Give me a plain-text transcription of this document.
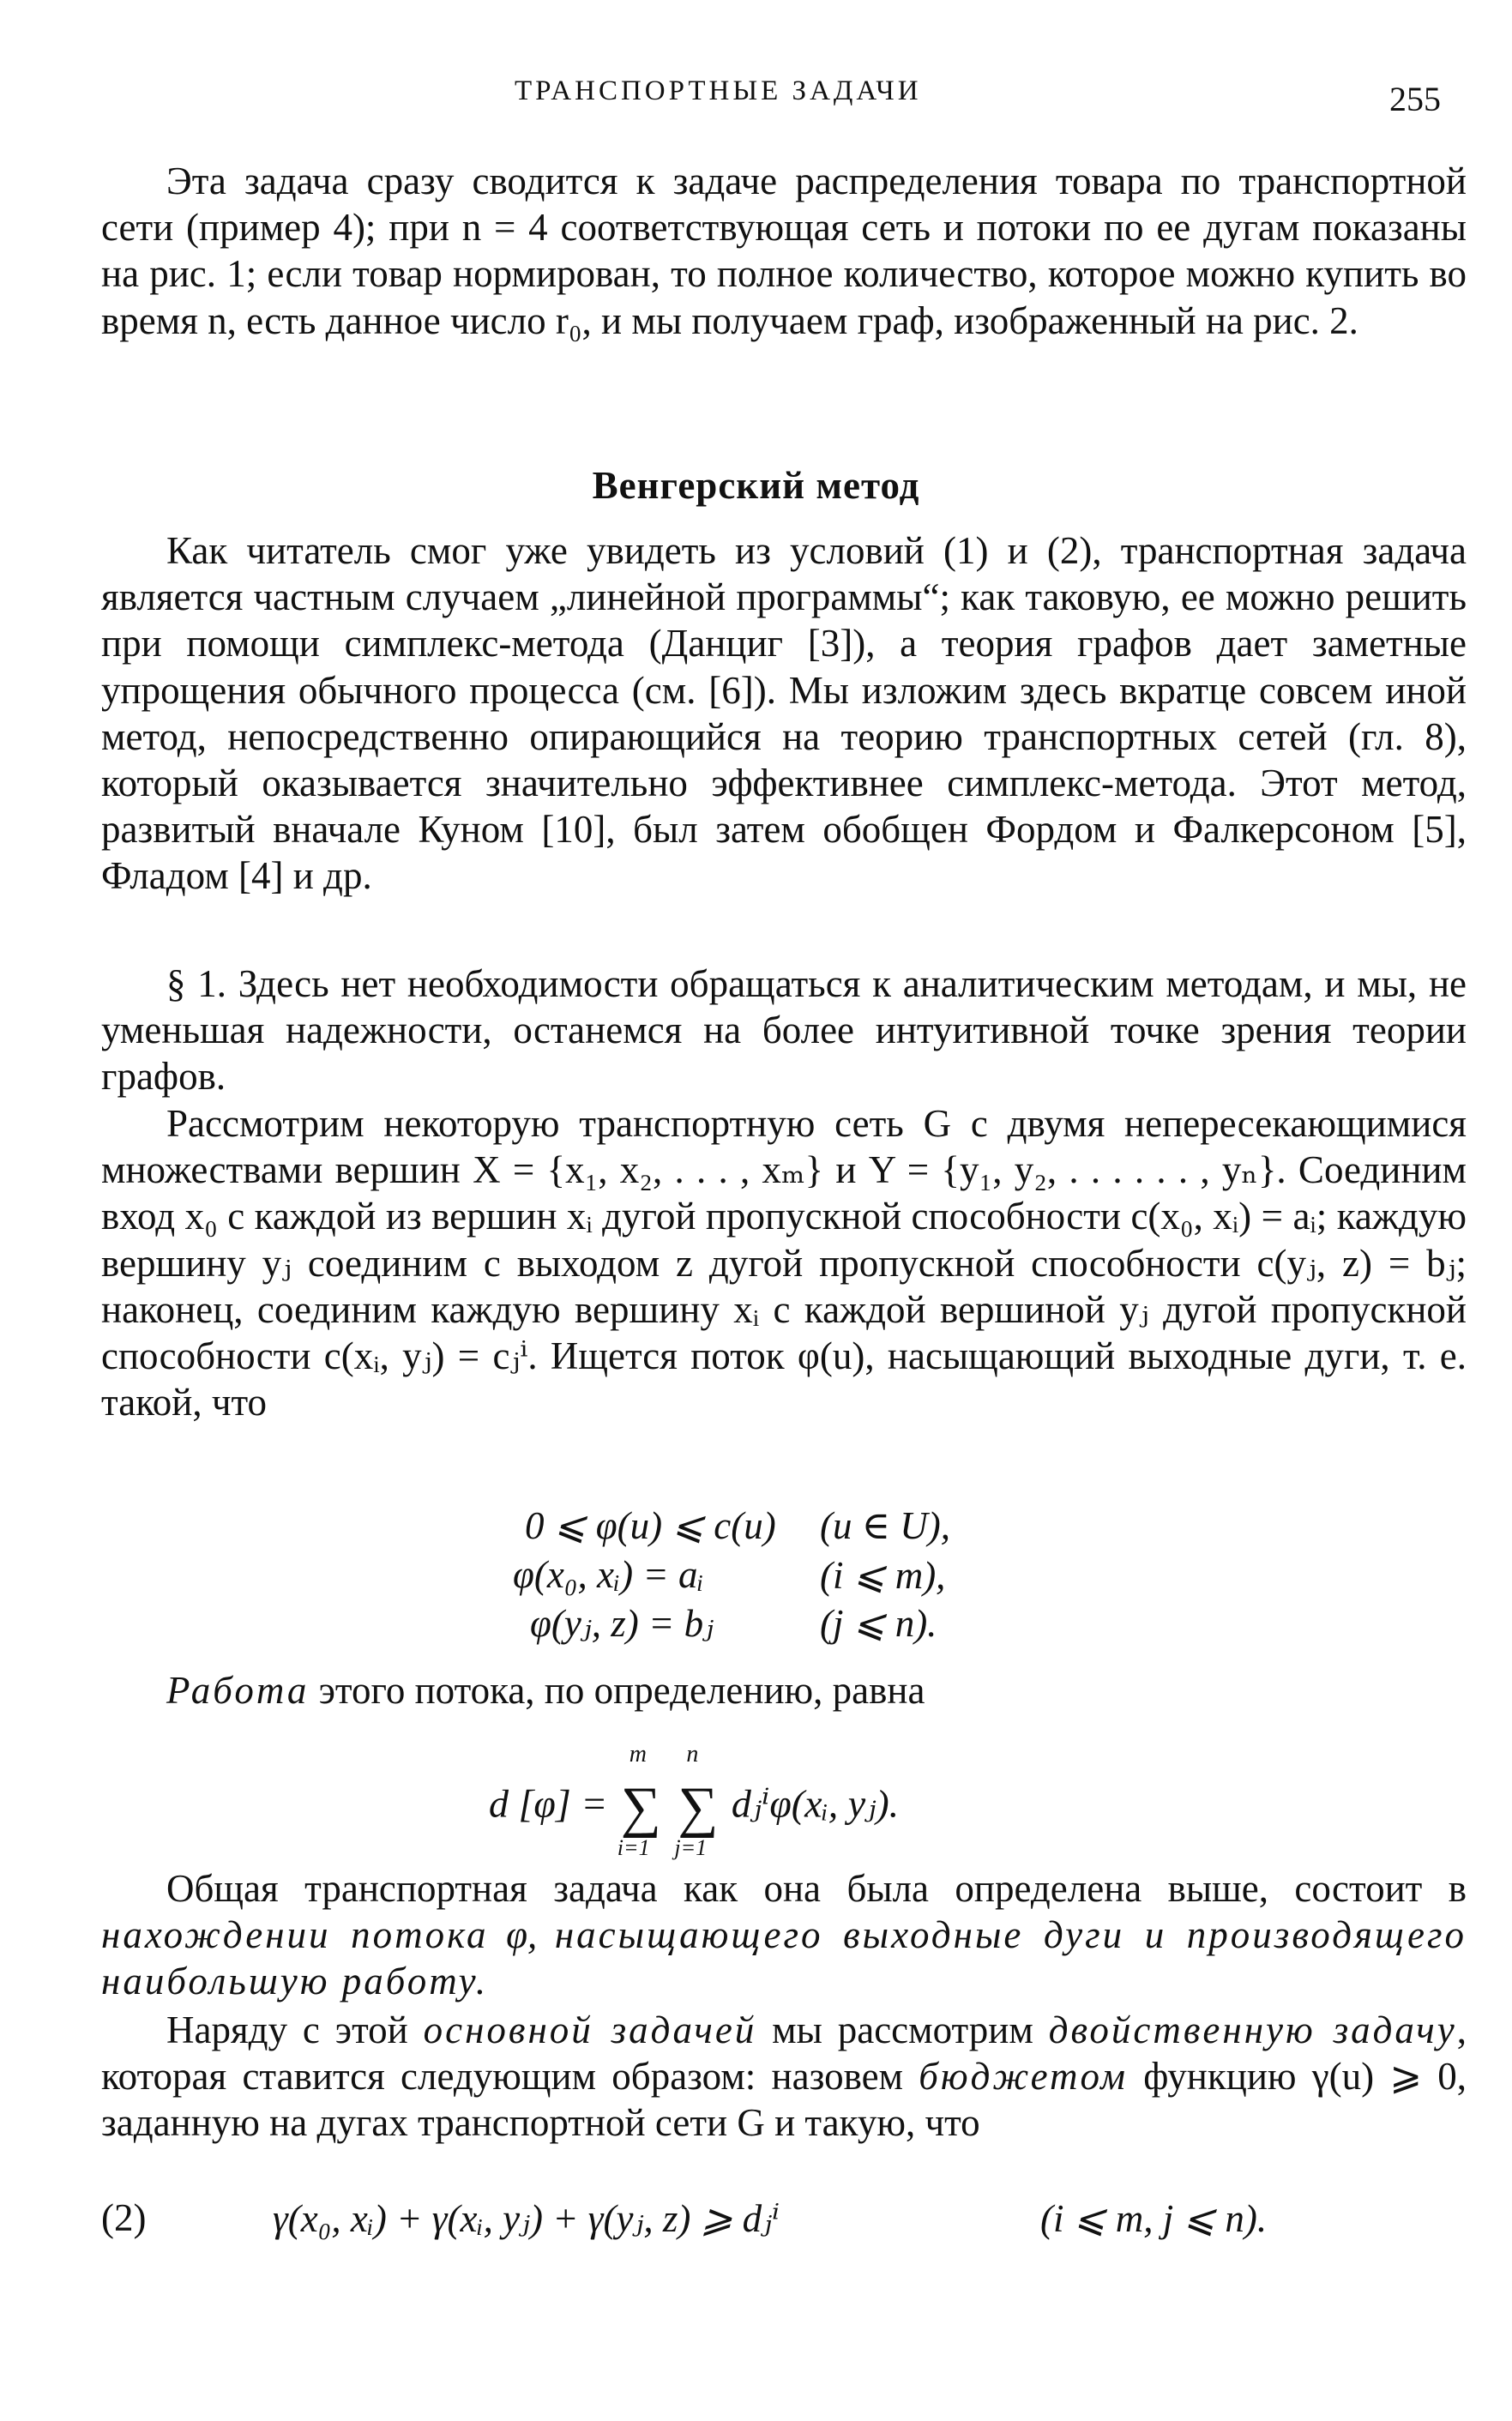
ТРАНСПОРТНЫЕ ЗАДАЧИ	255

Эта задача сразу сводится к задаче распределения товара по транспортной сети (пример 4); при n = 4 соответствующая сеть и потоки по ее дугам показаны на рис. 1; если товар нормирован, то полное количество, которое можно купить во время n, есть данное число r₀, и мы получаем граф, изображенный на рис. 2.

Венгерский метод

Как читатель смог уже увидеть из условий (1) и (2), транспортная задача является частным случаем „линейной программы“; как таковую, ее можно решить при помощи симплекс-метода (Данциг [3]), а теория графов дает заметные упрощения обычного процесса (см. [6]). Мы изложим здесь вкратце совсем иной метод, непосредственно опирающийся на теорию транспортных сетей (гл. 8), который оказывается значительно эффективнее симплекс-метода. Этот метод, развитый вначале Куном [10], был затем обобщен Фордом и Фалкерсоном [5], Фладом [4] и др.

§ 1. Здесь нет необходимости обращаться к аналитическим методам, и мы, не уменьшая надежности, останемся на более интуитивной точке зрения теории графов.

Рассмотрим некоторую транспортную сеть G с двумя непересекающимися множествами вершин X = {x₁, x₂, . . . , xₘ} и Y = {y₁, y₂, . . . . . . , yₙ}. Соединим вход x₀ с каждой из вершин xᵢ дугой пропускной способности c(x₀, xᵢ) = aᵢ; каждую вершину yⱼ соединим с выходом z дугой пропускной способности c(yⱼ, z) = bⱼ; наконец, соединим каждую вершину xᵢ с каждой вершиной yⱼ дугой пропускной способности c(xᵢ, yⱼ) = cⱼⁱ. Ищется поток φ(u), насыщающий выходные дуги, т. е. такой, что

0 ⩽ φ(u) ⩽ c(u) (u ∈ U),
φ(x₀, xᵢ) = aᵢ	(i ⩽ m),
φ(yⱼ, z) = bⱼ	(j ⩽ n).

Работа этого потока, по определению, равна

d [φ] = ∑
m
i=1
∑
n
j=1
dⱼⁱφ(xᵢ, yⱼ).

Общая транспортная задача как она была определена выше, состоит в нахождении потока φ, насыщающего выходные дуги и производящего наибольшую работу.

Наряду с этой основной задачей мы рассмотрим двойственную задачу, которая ставится следующим образом: назовем бюджетом функцию γ(u) ⩾ 0, заданную на дугах транспортной сети G и такую, что

(2)	γ(x₀, xᵢ) + γ(xᵢ, yⱼ) + γ(yⱼ, z) ⩾ dⱼⁱ	(i ⩽ m, j ⩽ n).
